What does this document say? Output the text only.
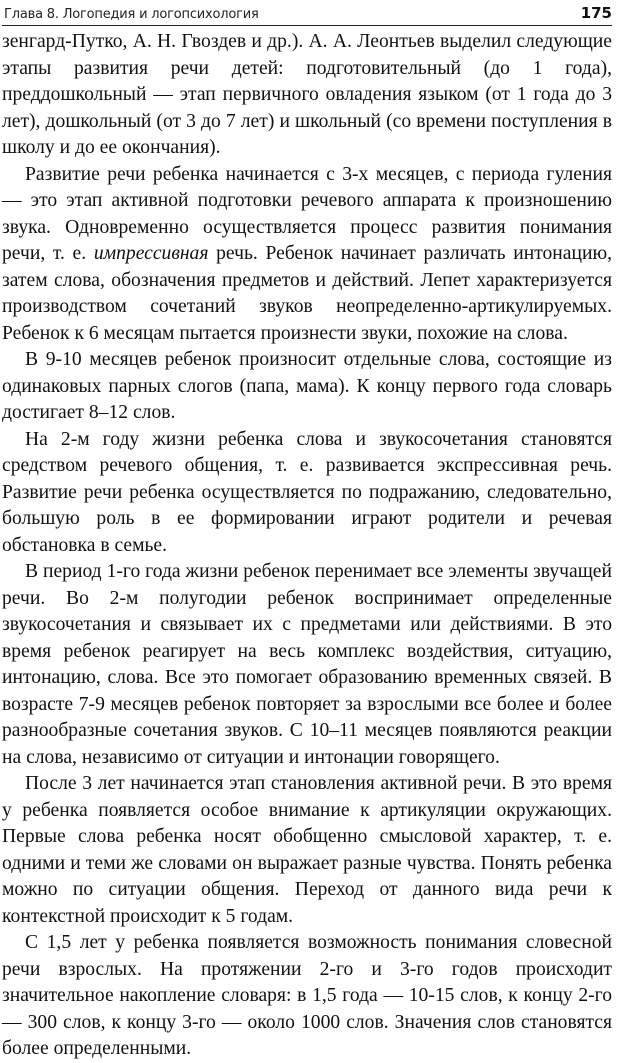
Глава 8. Логопедия и логопсихология	175

зенгард-Путко, А. Н. Гвоздев и др.). А. А. Леонтьев выделил следующие этапы развития речи детей: подготовительный (до 1 года), преддошкольный — этап первичного овладения языком (от 1 года до 3 лет), дошкольный (от 3 до 7 лет) и школьный (со времени поступления в школу и до ее окончания).

Развитие речи ребенка начинается с 3-х месяцев, с периода гуления — это этап активной подготовки речевого аппарата к произношению звука. Одновременно осуществляется процесс развития понимания речи, т. е. импрессивная речь. Ребенок начинает различать интонацию, затем слова, обозначения предметов и действий. Лепет характеризуется производством сочетаний звуков неопределенно-артикулируемых. Ребенок к 6 месяцам пытается произнести звуки, похожие на слова.

В 9-10 месяцев ребенок произносит отдельные слова, состоящие из одинаковых парных слогов (папа, мама). К концу первого года словарь достигает 8–12 слов.

На 2-м году жизни ребенка слова и звукосочетания становятся средством речевого общения, т. е. развивается экспрессивная речь. Развитие речи ребенка осуществляется по подражанию, следовательно, большую роль в ее формировании играют родители и речевая обстановка в семье.

В период 1-го года жизни ребенок перенимает все элементы звучащей речи. Во 2-м полугодии ребенок воспринимает определенные звукосочетания и связывает их с предметами или действиями. В это время ребенок реагирует на весь комплекс воздействия, ситуацию, интонацию, слова. Все это помогает образованию временных связей. В возрасте 7-9 месяцев ребенок повторяет за взрослыми все более и более разнообразные сочетания звуков. С 10–11 месяцев появляются реакции на слова, независимо от ситуации и интонации говорящего.

После 3 лет начинается этап становления активной речи. В это время у ребенка появляется особое внимание к артикуляции окружающих. Первые слова ребенка носят обобщенно смысловой характер, т. е. одними и теми же словами он выражает разные чувства. Понять ребенка можно по ситуации общения. Переход от данного вида речи к контекстной происходит к 5 годам.

С 1,5 лет у ребенка появляется возможность понимания словесной речи взрослых. На протяжении 2-го и 3-го годов происходит значительное накопление словаря: в 1,5 года — 10-15 слов, к концу 2-го — 300 слов, к концу 3-го — около 1000 слов. Значения слов становятся более определенными.
